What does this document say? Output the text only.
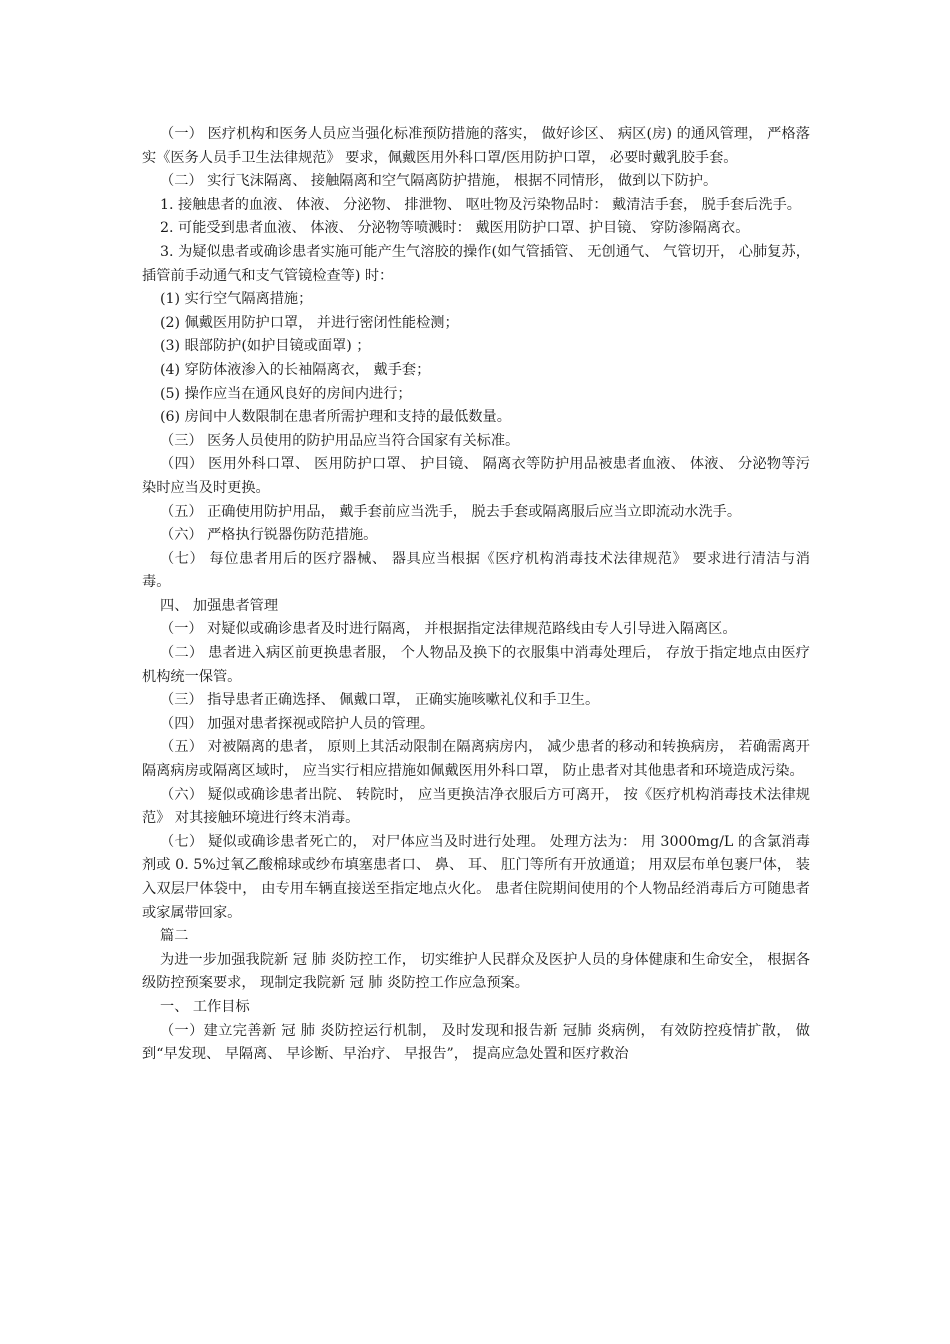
（一） 医疗机构和医务人员应当强化标准预防措施的落实， 做好诊区、 病区(房) 的通风管理， 严格落实《医务人员手卫生法律规范》 要求，佩戴医用外科口罩/医用防护口罩， 必要时戴乳胶手套。

（二） 实行飞沫隔离、 接触隔离和空气隔离防护措施， 根据不同情形， 做到以下防护。

1. 接触患者的血液、 体液、 分泌物、 排泄物、 呕吐物及污染物品时： 戴清洁手套， 脱手套后洗手。

2. 可能受到患者血液、 体液、 分泌物等喷溅时： 戴医用防护口罩、护目镜、 穿防渗隔离衣。

3. 为疑似患者或确诊患者实施可能产生气溶胶的操作(如气管插管、 无创通气、 气管切开， 心肺复苏， 插管前手动通气和支气管镜检查等) 时：

(1) 实行空气隔离措施；

(2) 佩戴医用防护口罩， 并进行密闭性能检测；

(3) 眼部防护(如护目镜或面罩) ；

(4) 穿防体液渗入的长袖隔离衣， 戴手套；

(5) 操作应当在通风良好的房间内进行；

(6) 房间中人数限制在患者所需护理和支持的最低数量。

（三） 医务人员使用的防护用品应当符合国家有关标准。

（四） 医用外科口罩、 医用防护口罩、 护目镜、 隔离衣等防护用品被患者血液、 体液、 分泌物等污染时应当及时更换。

（五） 正确使用防护用品， 戴手套前应当洗手， 脱去手套或隔离服后应当立即流动水洗手。

（六） 严格执行锐器伤防范措施。

（七） 每位患者用后的医疗器械、 器具应当根据《医疗机构消毒技术法律规范》 要求进行清洁与消毒。

四、 加强患者管理

（一） 对疑似或确诊患者及时进行隔离， 并根据指定法律规范路线由专人引导进入隔离区。

（二） 患者进入病区前更换患者服， 个人物品及换下的衣服集中消毒处理后， 存放于指定地点由医疗机构统一保管。

（三） 指导患者正确选择、 佩戴口罩， 正确实施咳嗽礼仪和手卫生。

（四） 加强对患者探视或陪护人员的管理。

（五） 对被隔离的患者， 原则上其活动限制在隔离病房内， 减少患者的移动和转换病房， 若确需离开隔离病房或隔离区域时， 应当实行相应措施如佩戴医用外科口罩， 防止患者对其他患者和环境造成污染。

（六） 疑似或确诊患者出院、 转院时， 应当更换洁净衣服后方可离开， 按《医疗机构消毒技术法律规范》 对其接触环境进行终末消毒。

（七） 疑似或确诊患者死亡的， 对尸体应当及时进行处理。 处理方法为： 用 3000mg/L 的含氯消毒剂或 0. 5%过氧乙酸棉球或纱布填塞患者口、 鼻、 耳、 肛门等所有开放通道； 用双层布单包裹尸体， 装入双层尸体袋中， 由专用车辆直接送至指定地点火化。 患者住院期间使用的个人物品经消毒后方可随患者或家属带回家。

篇二

为进一步加强我院新 冠 肺 炎防控工作， 切实维护人民群众及医护人员的身体健康和生命安全， 根据各级防控预案要求， 现制定我院新 冠 肺 炎防控工作应急预案。

一、 工作目标

（一）建立完善新 冠 肺 炎防控运行机制， 及时发现和报告新 冠肺 炎病例， 有效防控疫情扩散， 做到“早发现、 早隔离、 早诊断、早治疗、 早报告”， 提高应急处置和医疗救治
